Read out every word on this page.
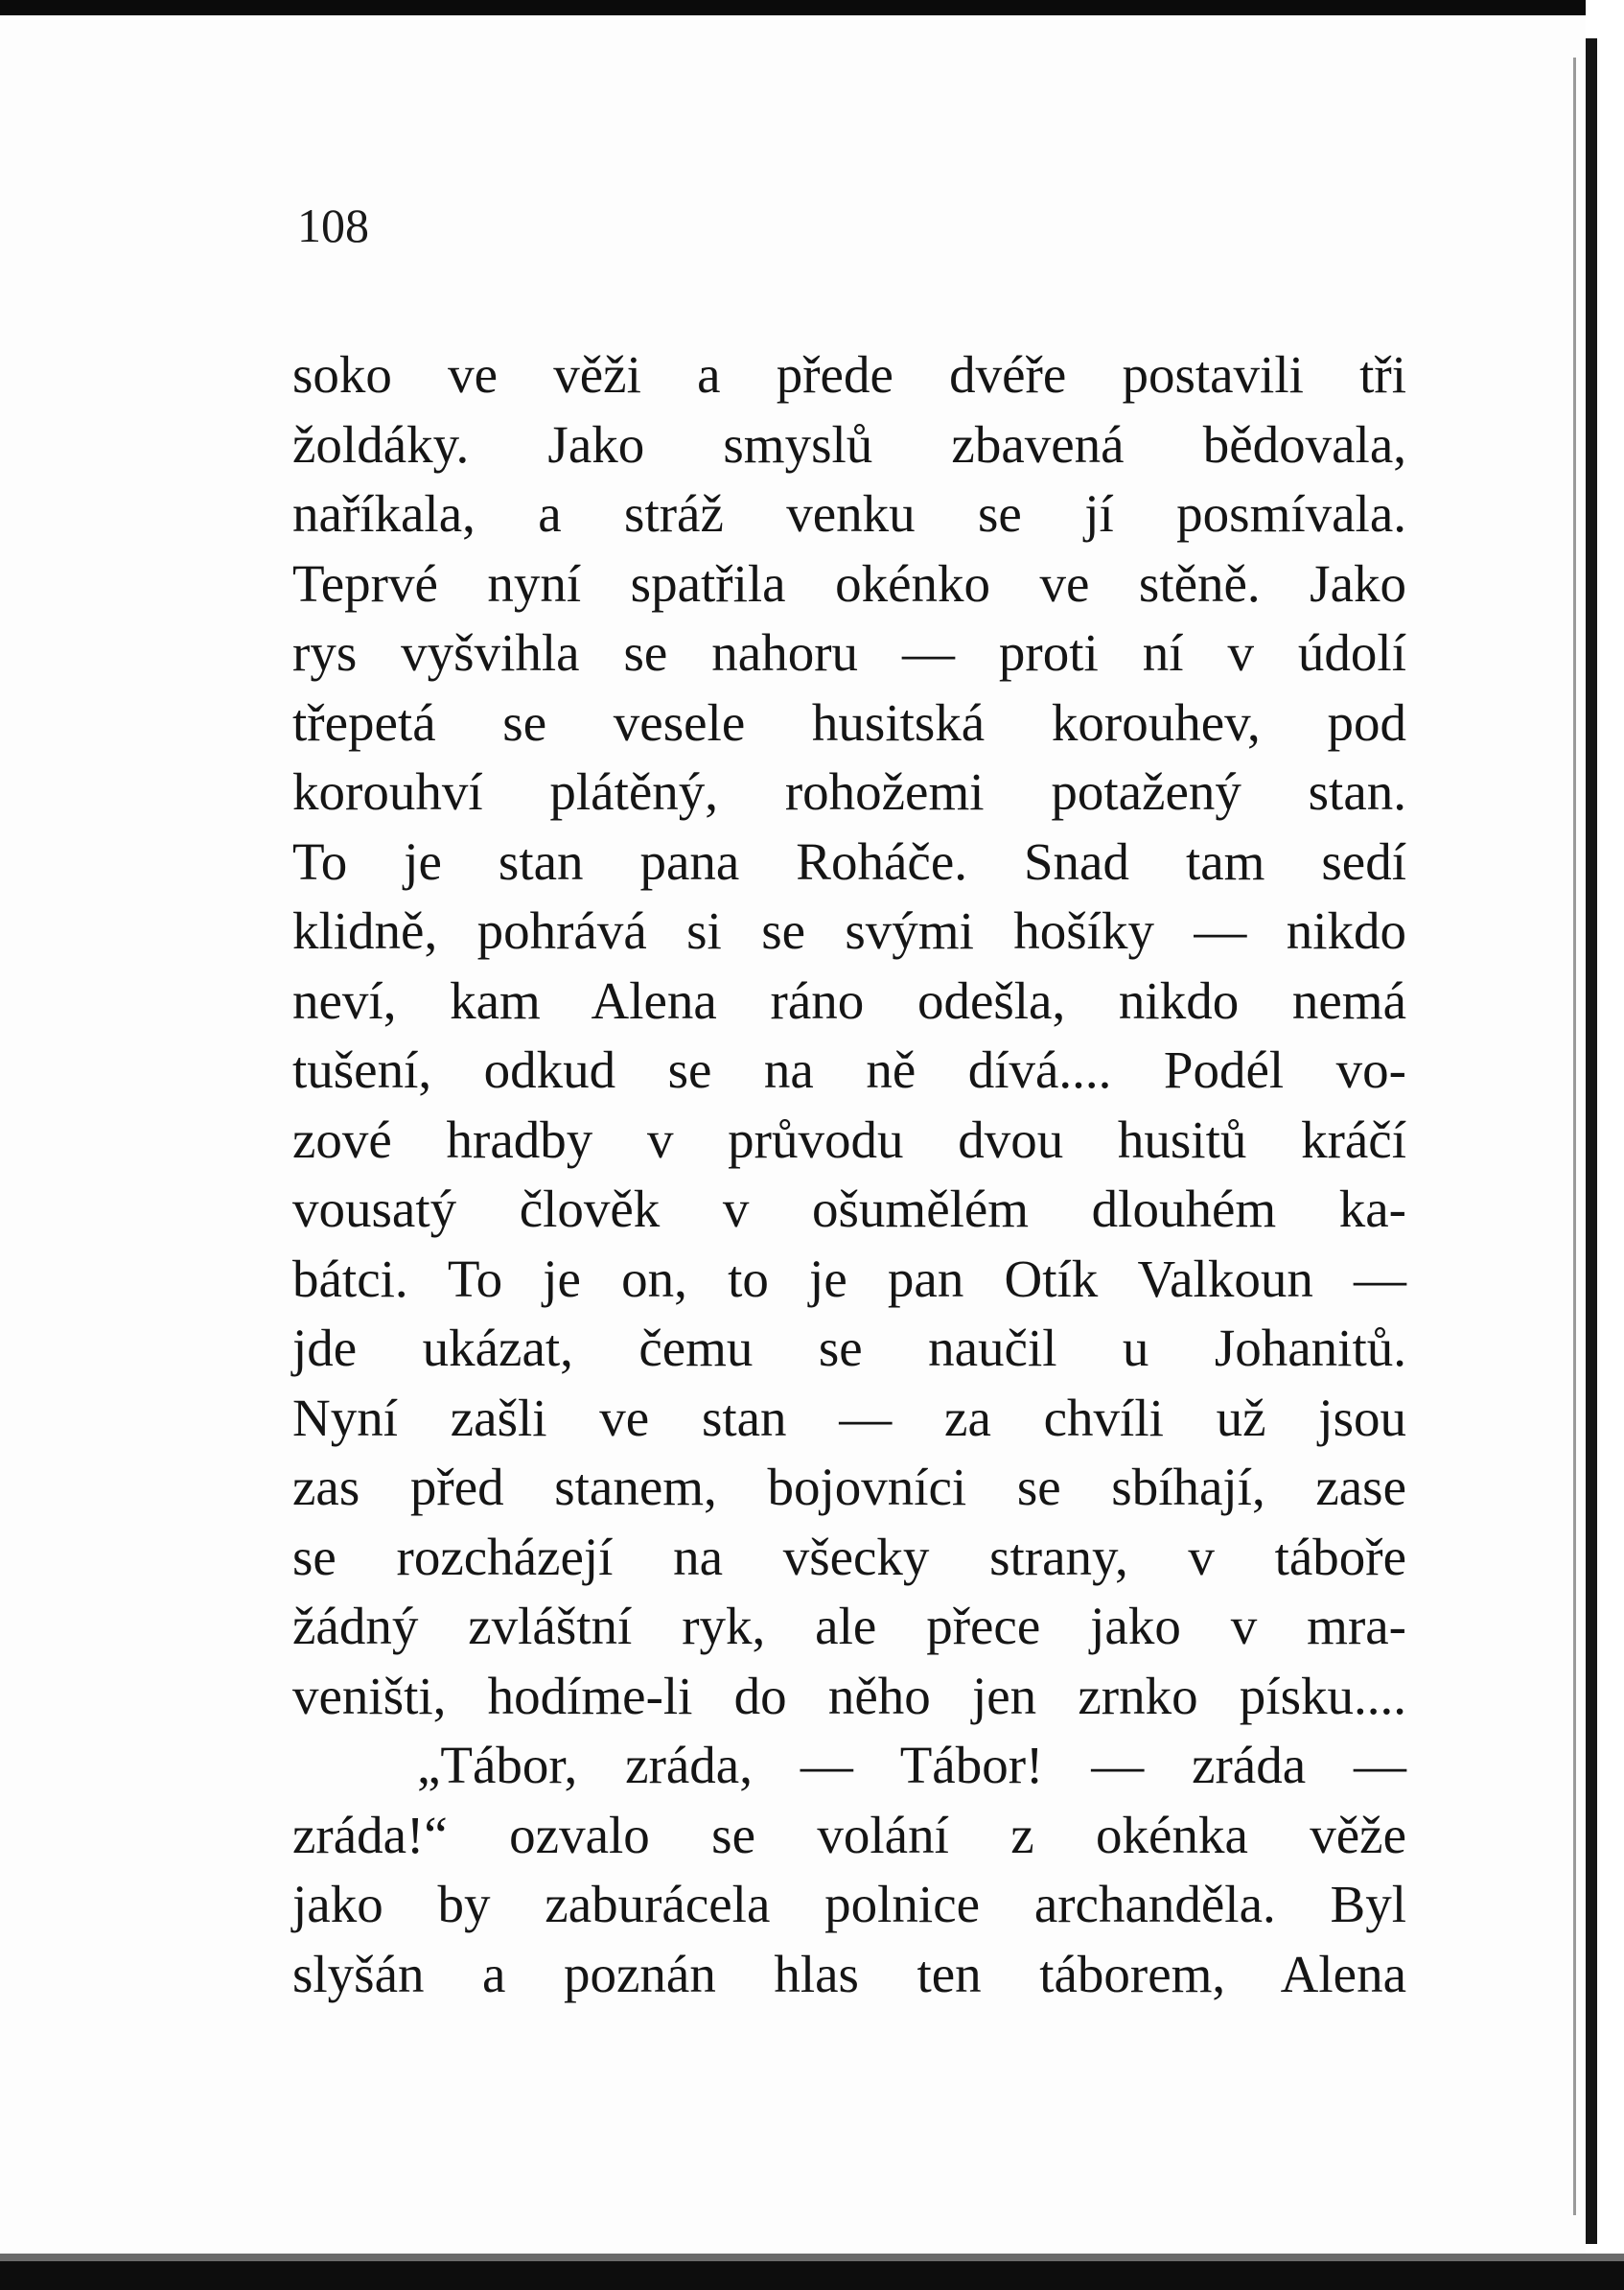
108
soko ve věži a přede dvéře postavili tři
žoldáky. Jako smyslů zbavená bědovala,
naříkala, a stráž venku se jí posmívala.
Teprvé nyní spatřila okénko ve stěně. Jako
rys vyšvihla se nahoru — proti ní v údolí
třepetá se vesele husitská korouhev, pod
korouhví plátěný, rohožemi potažený stan.
To je stan pana Roháče. Snad tam sedí
klidně, pohrává si se svými hošíky — nikdo
neví, kam Alena ráno odešla, nikdo nemá
tušení, odkud se na ně dívá.... Podél vo-
zové hradby v průvodu dvou husitů kráčí
vousatý člověk v ošumělém dlouhém ka-
bátci. To je on, to je pan Otík Valkoun —
jde ukázat, čemu se naučil u Johanitů.
Nyní zašli ve stan — za chvíli už jsou
zas před stanem, bojovníci se sbíhají, zase
se rozcházejí na všecky strany, v táboře
žádný zvláštní ryk, ale přece jako v mra-
veništi, hodíme-li do něho jen zrnko písku....
„Tábor, zráda, — Tábor! — zráda —
zráda!“ ozvalo se volání z okénka věže
jako by zaburácela polnice archanděla. Byl
slyšán a poznán hlas ten táborem, Alena
